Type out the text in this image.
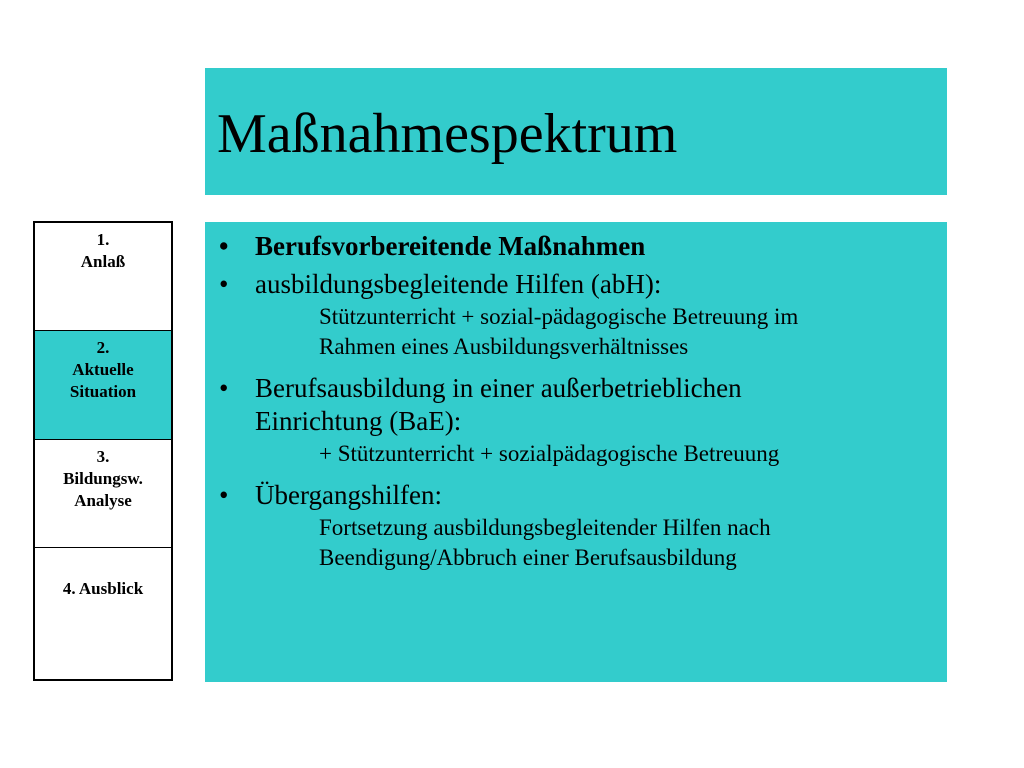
Maßnahmespektrum
1.
Anlaß
2.
Aktuelle
Situation
3.
Bildungsw.
Analyse
4. Ausblick
• Berufsvorbereitende Maßnahmen
• ausbildungsbegleitende Hilfen (abH):
Stützunterricht + sozial-pädagogische Betreuung im
Rahmen eines Ausbildungsverhältnisses
• Berufsausbildung in einer außerbetrieblichen
Einrichtung (BaE):
+ Stützunterricht + sozialpädagogische Betreuung
• Übergangshilfen:
Fortsetzung ausbildungsbegleitender Hilfen nach
Beendigung/Abbruch einer Berufsausbildung
